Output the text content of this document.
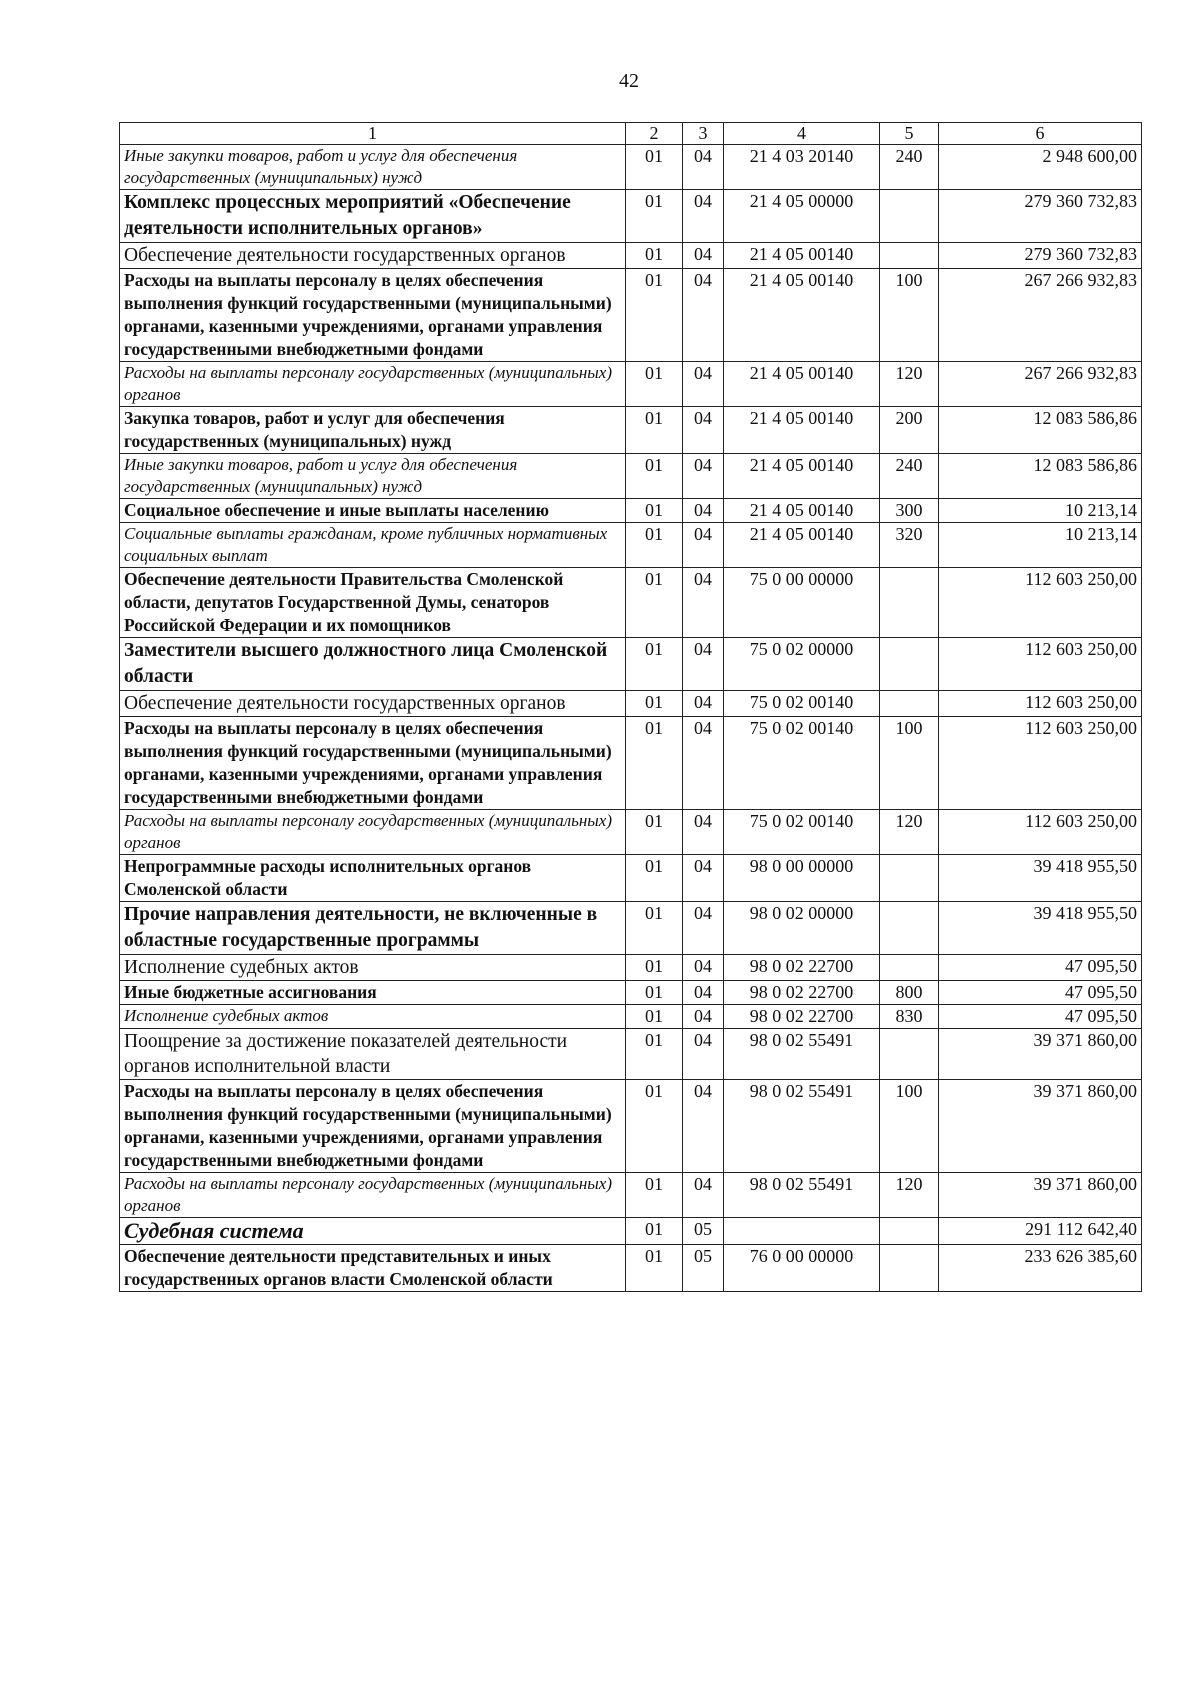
42
1	2	3	4	5	6
Иные закупки товаров, работ и услуг для обеспечения государственных (муниципальных) нужд	01	04	21 4 03 20140	240	2 948 600,00
Комплекс процессных мероприятий «Обеспечение деятельности исполнительных органов»	01	04	21 4 05 00000		279 360 732,83
Обеспечение деятельности государственных органов	01	04	21 4 05 00140		279 360 732,83
Расходы на выплаты персоналу в целях обеспечения выполнения функций государственными (муниципальными) органами, казенными учреждениями, органами управления государственными внебюджетными фондами	01	04	21 4 05 00140	100	267 266 932,83
Расходы на выплаты персоналу государственных (муниципальных) органов	01	04	21 4 05 00140	120	267 266 932,83
Закупка товаров, работ и услуг для обеспечения государственных (муниципальных) нужд	01	04	21 4 05 00140	200	12 083 586,86
Иные закупки товаров, работ и услуг для обеспечения государственных (муниципальных) нужд	01	04	21 4 05 00140	240	12 083 586,86
Социальное обеспечение и иные выплаты населению	01	04	21 4 05 00140	300	10 213,14
Социальные выплаты гражданам, кроме публичных нормативных социальных выплат	01	04	21 4 05 00140	320	10 213,14
Обеспечение деятельности Правительства Смоленской области, депутатов Государственной Думы, сенаторов Российской Федерации и их помощников	01	04	75 0 00 00000		112 603 250,00
Заместители высшего должностного лица Смоленской области	01	04	75 0 02 00000		112 603 250,00
Обеспечение деятельности государственных органов	01	04	75 0 02 00140		112 603 250,00
Расходы на выплаты персоналу в целях обеспечения выполнения функций государственными (муниципальными) органами, казенными учреждениями, органами управления государственными внебюджетными фондами	01	04	75 0 02 00140	100	112 603 250,00
Расходы на выплаты персоналу государственных (муниципальных) органов	01	04	75 0 02 00140	120	112 603 250,00
Непрограммные расходы исполнительных органов Смоленской области	01	04	98 0 00 00000		39 418 955,50
Прочие направления деятельности, не включенные в областные государственные программы	01	04	98 0 02 00000		39 418 955,50
Исполнение судебных актов	01	04	98 0 02 22700		47 095,50
Иные бюджетные ассигнования	01	04	98 0 02 22700	800	47 095,50
Исполнение судебных актов	01	04	98 0 02 22700	830	47 095,50
Поощрение за достижение показателей деятельности органов исполнительной власти	01	04	98 0 02 55491		39 371 860,00
Расходы на выплаты персоналу в целях обеспечения выполнения функций государственными (муниципальными) органами, казенными учреждениями, органами управления государственными внебюджетными фондами	01	04	98 0 02 55491	100	39 371 860,00
Расходы на выплаты персоналу государственных (муниципальных) органов	01	04	98 0 02 55491	120	39 371 860,00
Судебная система	01	05			291 112 642,40
Обеспечение деятельности представительных и иных государственных органов власти Смоленской области	01	05	76 0 00 00000		233 626 385,60
